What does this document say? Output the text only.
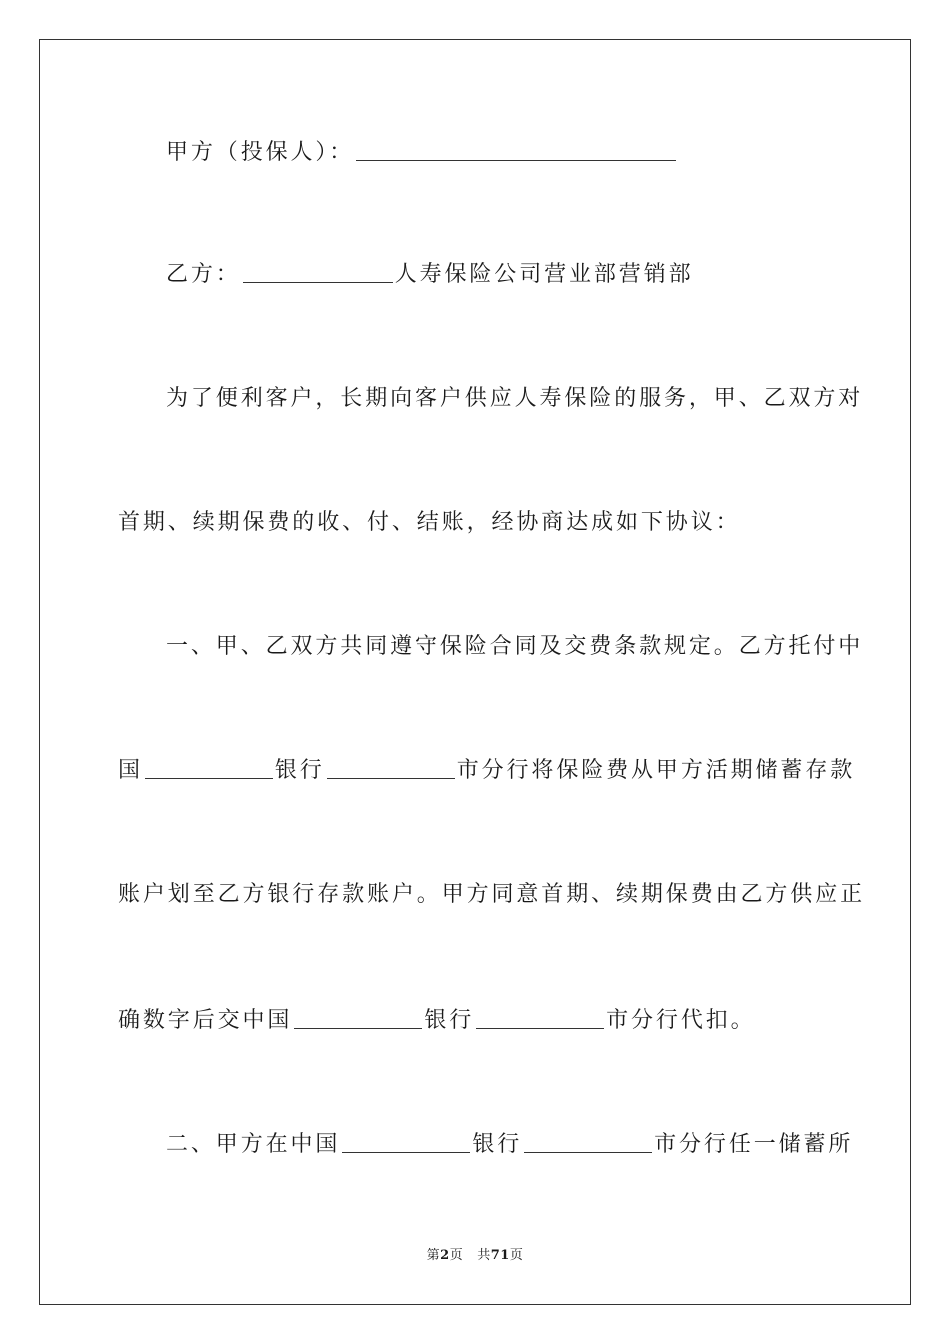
甲方（投保人）：
乙方：	人寿保险公司营业部营销部
为了便利客户，长期向客户供应人寿保险的服务，甲、乙双方对
首期、续期保费的收、付、结账，经协商达成如下协议：
一、甲、乙双方共同遵守保险合同及交费条款规定。乙方托付中
国	银行	市分行将保险费从甲方活期储蓄存款
账户划至乙方银行存款账户。甲方同意首期、续期保费由乙方供应正
确数字后交中国	银行	市分行代扣。
二、甲方在中国	银行	市分行任一储蓄所
第2页 共71页
